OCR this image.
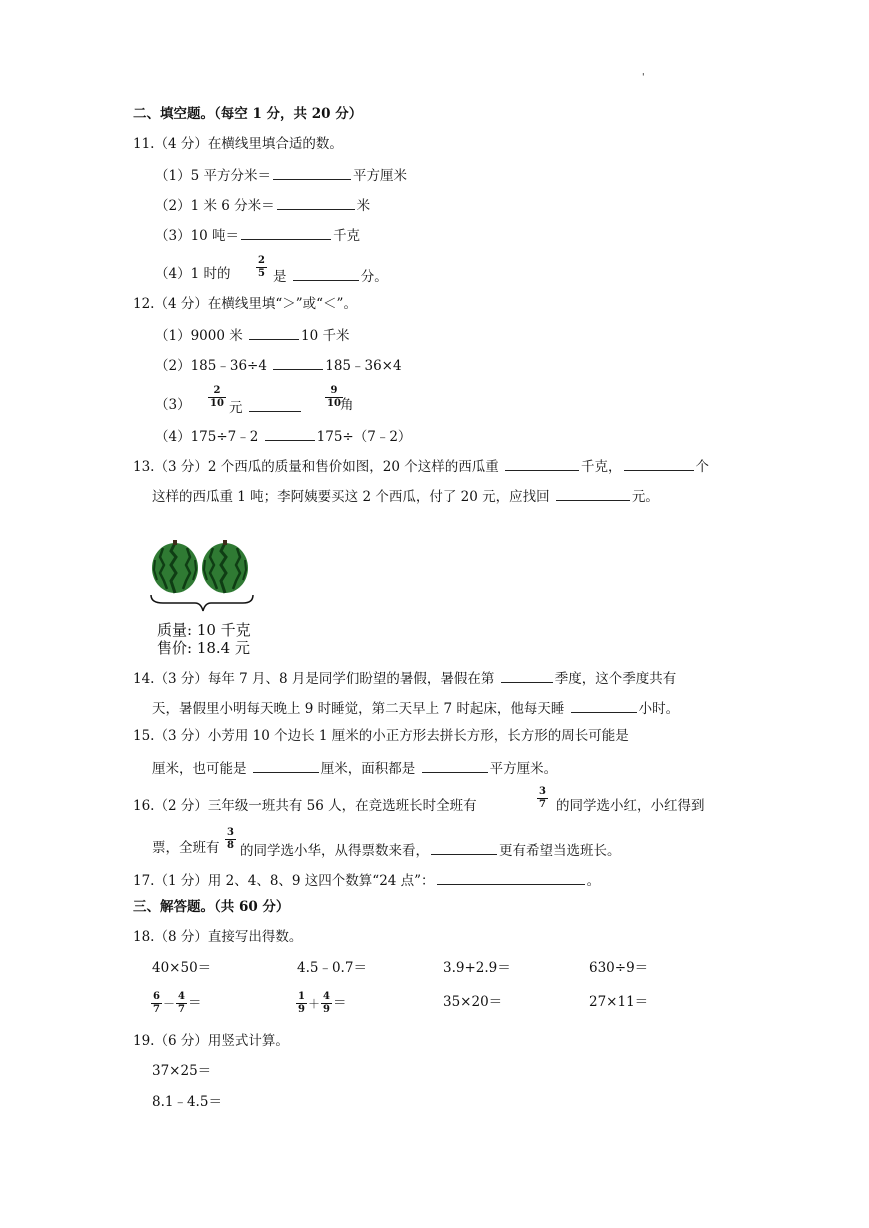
'
二、填空题。（每空 1 分，共 20 分）
11.（4 分）在横线里填合适的数。
（1）5 平方分米＝	平方厘米
（2）1 米 6 分米＝	米
（3）10 吨＝	千克
（4）1 时的
2
5 是	分。
12.（4 分）在横线里填“＞”或“＜”。
（1）9000 米	10 千米
（2）185﹣36÷4	185﹣36×4
（3）
2
10 元
9
10 角
（4）175÷7﹣2	175÷（7﹣2）
13.（3 分）2 个西瓜的质量和售价如图，20 个这样的西瓜重	千克，	个
这样的西瓜重 1 吨；李阿姨要买这 2 个西瓜，付了 20 元，应找回	元。
质量: 10 千克
售价: 18.4 元
14.（3 分）每年 7 月、8 月是同学们盼望的暑假，暑假在第	季度，这个季度共有
天，暑假里小明每天晚上 9 时睡觉，第二天早上 7 时起床，他每天睡	小时。
15.（3 分）小芳用 10 个边长 1 厘米的小正方形去拼长方形，长方形的周长可能是
厘米，也可能是	厘米，面积都是	平方厘米。
16.（2 分）三年级一班共有 56 人，在竞选班长时全班有
3
7 的同学选小红，小红得到
票，全班有
3
8 的同学选小华，从得票数来看，	更有希望当选班长。
17.（1 分）用 2、4、8、9 这四个数算“24 点”：	。
三、解答题。（共 60 分）
18.（8 分）直接写出得数。
40×50＝	4.5﹣0.7＝	3.9+2.9＝	630÷9＝
$\frac{6}{7} - \frac{4}{7}$ ＝	$\frac{1}{9} + \frac{4}{9}$ ＝	35×20＝	27×11＝
19.（6 分）用竖式计算。
37×25＝
8.1﹣4.5＝
